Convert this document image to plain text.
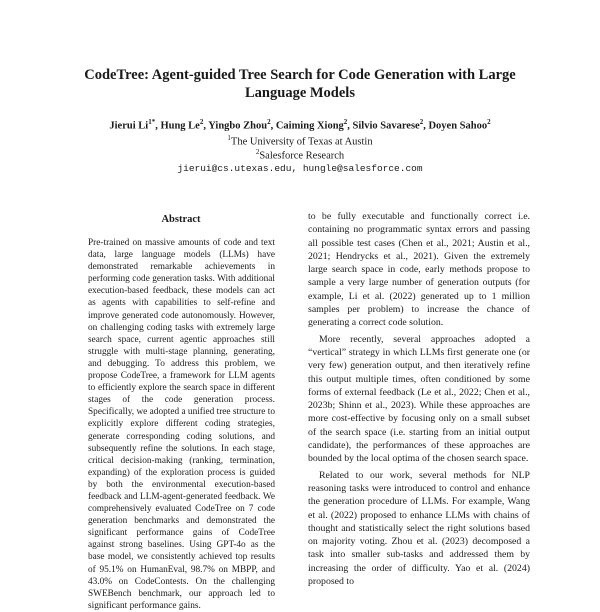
CodeTree: Agent-guided Tree Search for Code Generation with Large Language Models
Jierui $Li^{1*}$, Hung Le$^2$, Yingbo Zhou$^2$, Caiming Xiong$^2$, Silvio Savarese$^2$, Doyen Sahoo$^2$
$^1$The University of Texas at Austin
$^2$Salesforce Research
jierui@cs.utexas.edu, hungle@salesforce.com
Abstract
Pre-trained on massive amounts of code and text data, large language models (LLMs) have demonstrated remarkable achievements in performing code generation tasks. With additional execution-based feedback, these models can act as agents with capabilities to self-refine and improve generated code autonomously. However, on challenging coding tasks with extremely large search space, current agentic approaches still struggle with multi-stage planning, generating, and debugging. To address this problem, we propose CodeTree, a framework for LLM agents to efficiently explore the search space in different stages of the code generation process. Specifically, we adopted a unified tree structure to explicitly explore different coding strategies, generate corresponding coding solutions, and subsequently refine the solutions. In each stage, critical decision-making (ranking, termination, expanding) of the exploration process is guided by both the environmental execution-based feedback and LLM-agent-generated feedback. We comprehensively evaluated CodeTree on 7 code generation benchmarks and demonstrated the significant performance gains of CodeTree against strong baselines. Using GPT-4o as the base model, we consistently achieved top results of 95.1% on HumanEval, 98.7% on MBPP, and 43.0% on CodeContests. On the challenging SWEBench benchmark, our approach led to significant performance gains.

to be fully executable and functionally correct i.e. containing no programmatic syntax errors and passing all possible test cases (Chen et al., 2021; Austin et al., 2021; Hendrycks et al., 2021). Given the extremely large search space in code, early methods propose to sample a very large number of generation outputs (for example, Li et al. (2022) generated up to 1 million samples per problem) to increase the chance of generating a correct code solution.

More recently, several approaches adopted a “vertical” strategy in which LLMs first generate one (or very few) generation output, and then iteratively refine this output multiple times, often conditioned by some forms of external feedback (Le et al., 2022; Chen et al., 2023b; Shinn et al., 2023). While these approaches are more cost-effective by focusing only on a small subset of the search space (i.e. starting from an initial output candidate), the performances of these approaches are bounded by the local optima of the chosen search space.

Related to our work, several methods for NLP reasoning tasks were introduced to control and enhance the generation procedure of LLMs. For example, Wang et al. (2022) proposed to enhance LLMs with chains of thought and statistically select the right solutions based on majority voting. Zhou et al. (2023) decomposed a task into smaller sub-tasks and addressed them by increasing the order of difficulty. Yao et al. (2024) proposed to
